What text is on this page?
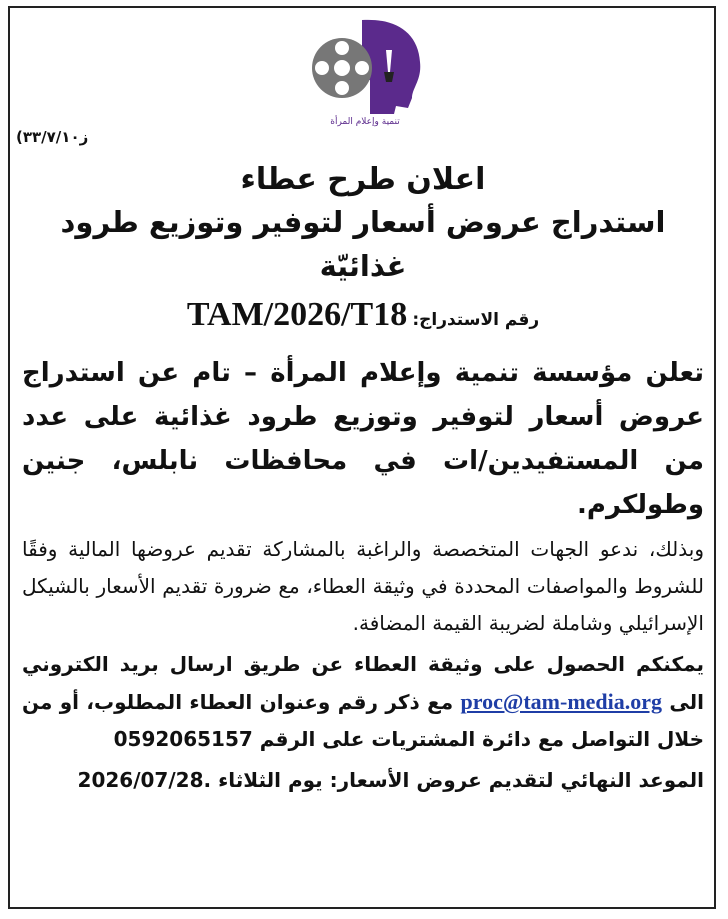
تنمية وإعلام المرأة
ز٣٣/٧/١٠)
اعلان طرح عطاء
استدراج عروض أسعار لتوفير وتوزيع طرود غذائيّة
رقم الاستدراج: TAM/2026/T18
تعلن مؤسسة تنمية وإعلام المرأة – تام عن استدراج عروض أسعار لتوفير وتوزيع طرود غذائية على عدد من المستفيدين/ات في محافظات نابلس، جنين وطولكرم.
وبذلك، ندعو الجهات المتخصصة والراغبة بالمشاركة تقديم عروضها المالية وفقًا للشروط والمواصفات المحددة في وثيقة العطاء، مع ضرورة تقديم الأسعار بالشيكل الإسرائيلي وشاملة لضريبة القيمة المضافة.
يمكنكم الحصول على وثيقة العطاء عن طريق ارسال بريد الكتروني الى proc@tam-media.org مع ذكر رقم وعنوان العطاء المطلوب، أو من خلال التواصل مع دائرة المشتريات على الرقم 0592065157
الموعد النهائي لتقديم عروض الأسعار: يوم الثلاثاء 2026/07/28.
